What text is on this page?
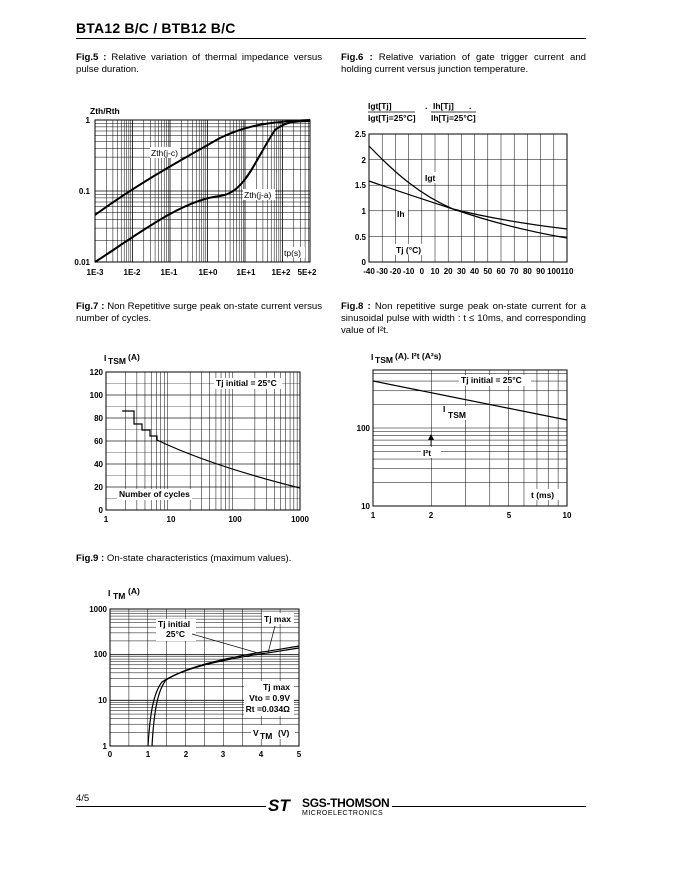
BTA12 B/C / BTB12 B/C
Fig.5 : Relative variation of thermal impedance versus pulse duration.
Fig.6 : Relative variation of gate trigger current and holding current versus junction temperature.
Fig.7 : Non Repetitive surge peak on-state current versus number of cycles.
Fig.8 : Non repetitive surge peak on-state current for a sinusoidal pulse with width : t ≤ 10ms, and corresponding value of I²t.
Fig.9 : On-state characteristics (maximum values).
Zth/Rth
Zth(j-c)
Zth(j-a)
tp(s)
1
0.1
0.01
1E-3	1E-2	1E-1	1E+0 1E+1 1E+2 5E+2
Igt[Tj]
Igt[Tj=25°C]
. Ih[Tj] .
Ih[Tj=25°C]
Igt
Ih
Tj (°C)
2.5
2
1.5
1
0.5
0
-40 -30 -20 -10 0 10 20 30 40 50 60 70 80 90 100 110
I TSM (A)
Tj initial = 25°C
Number of cycles
120
100
80
60
40
20
0
1	10	100	1000
I TSM (A). I²t (A²s)
Tj initial = 25°C
I
TSM
I²t
t (ms)
100
10
1	2	5	10
I TM (A)
Tj max
Tj initial
25°C
Tj max
Vto = 0.9V
Rt =0.034Ω
V TM (V)
1000
100
10
1
0	1	2	3	4	5
4/5	ST SGS-THOMSON
MICROELECTRONICS
